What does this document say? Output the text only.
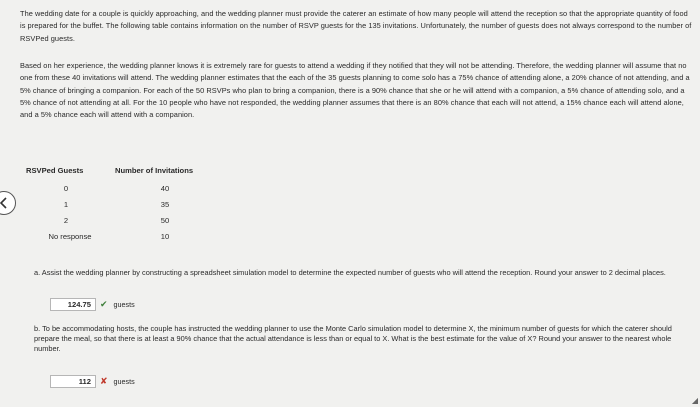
The wedding date for a couple is quickly approaching, and the wedding planner must provide the caterer an estimate of how many people will attend the reception so that the appropriate quantity of food is prepared for the buffet. The following table contains information on the number of RSVP guests for the 135 invitations. Unfortunately, the number of guests does not always correspond to the number of RSVPed guests.
Based on her experience, the wedding planner knows it is extremely rare for guests to attend a wedding if they notified that they will not be attending. Therefore, the wedding planner will assume that no one from these 40 invitations will attend. The wedding planner estimates that the each of the 35 guests planning to come solo has a 75% chance of attending alone, a 20% chance of not attending, and a 5% chance of bringing a companion. For each of the 50 RSVPs who plan to bring a companion, there is a 90% chance that she or he will attend with a companion, a 5% chance of attending solo, and a 5% chance of not attending at all. For the 10 people who have not responded, the wedding planner assumes that there is an 80% chance that each will not attend, a 15% chance each will attend alone, and a 5% chance each will attend with a companion.
RSVPed Guests	Number of Invitations
0	40
1	35
2	50
No response	10
a. Assist the wedding planner by constructing a spreadsheet simulation model to determine the expected number of guests who will attend the reception. Round your answer to 2 decimal places.
124.75	✔ guests
b. To be accommodating hosts, the couple has instructed the wedding planner to use the Monte Carlo simulation model to determine X, the minimum number of guests for which the caterer should prepare the meal, so that there is at least a 90% chance that the actual attendance is less than or equal to X. What is the best estimate for the value of X? Round your answer to the nearest whole number.
112	✘ guests
◢
